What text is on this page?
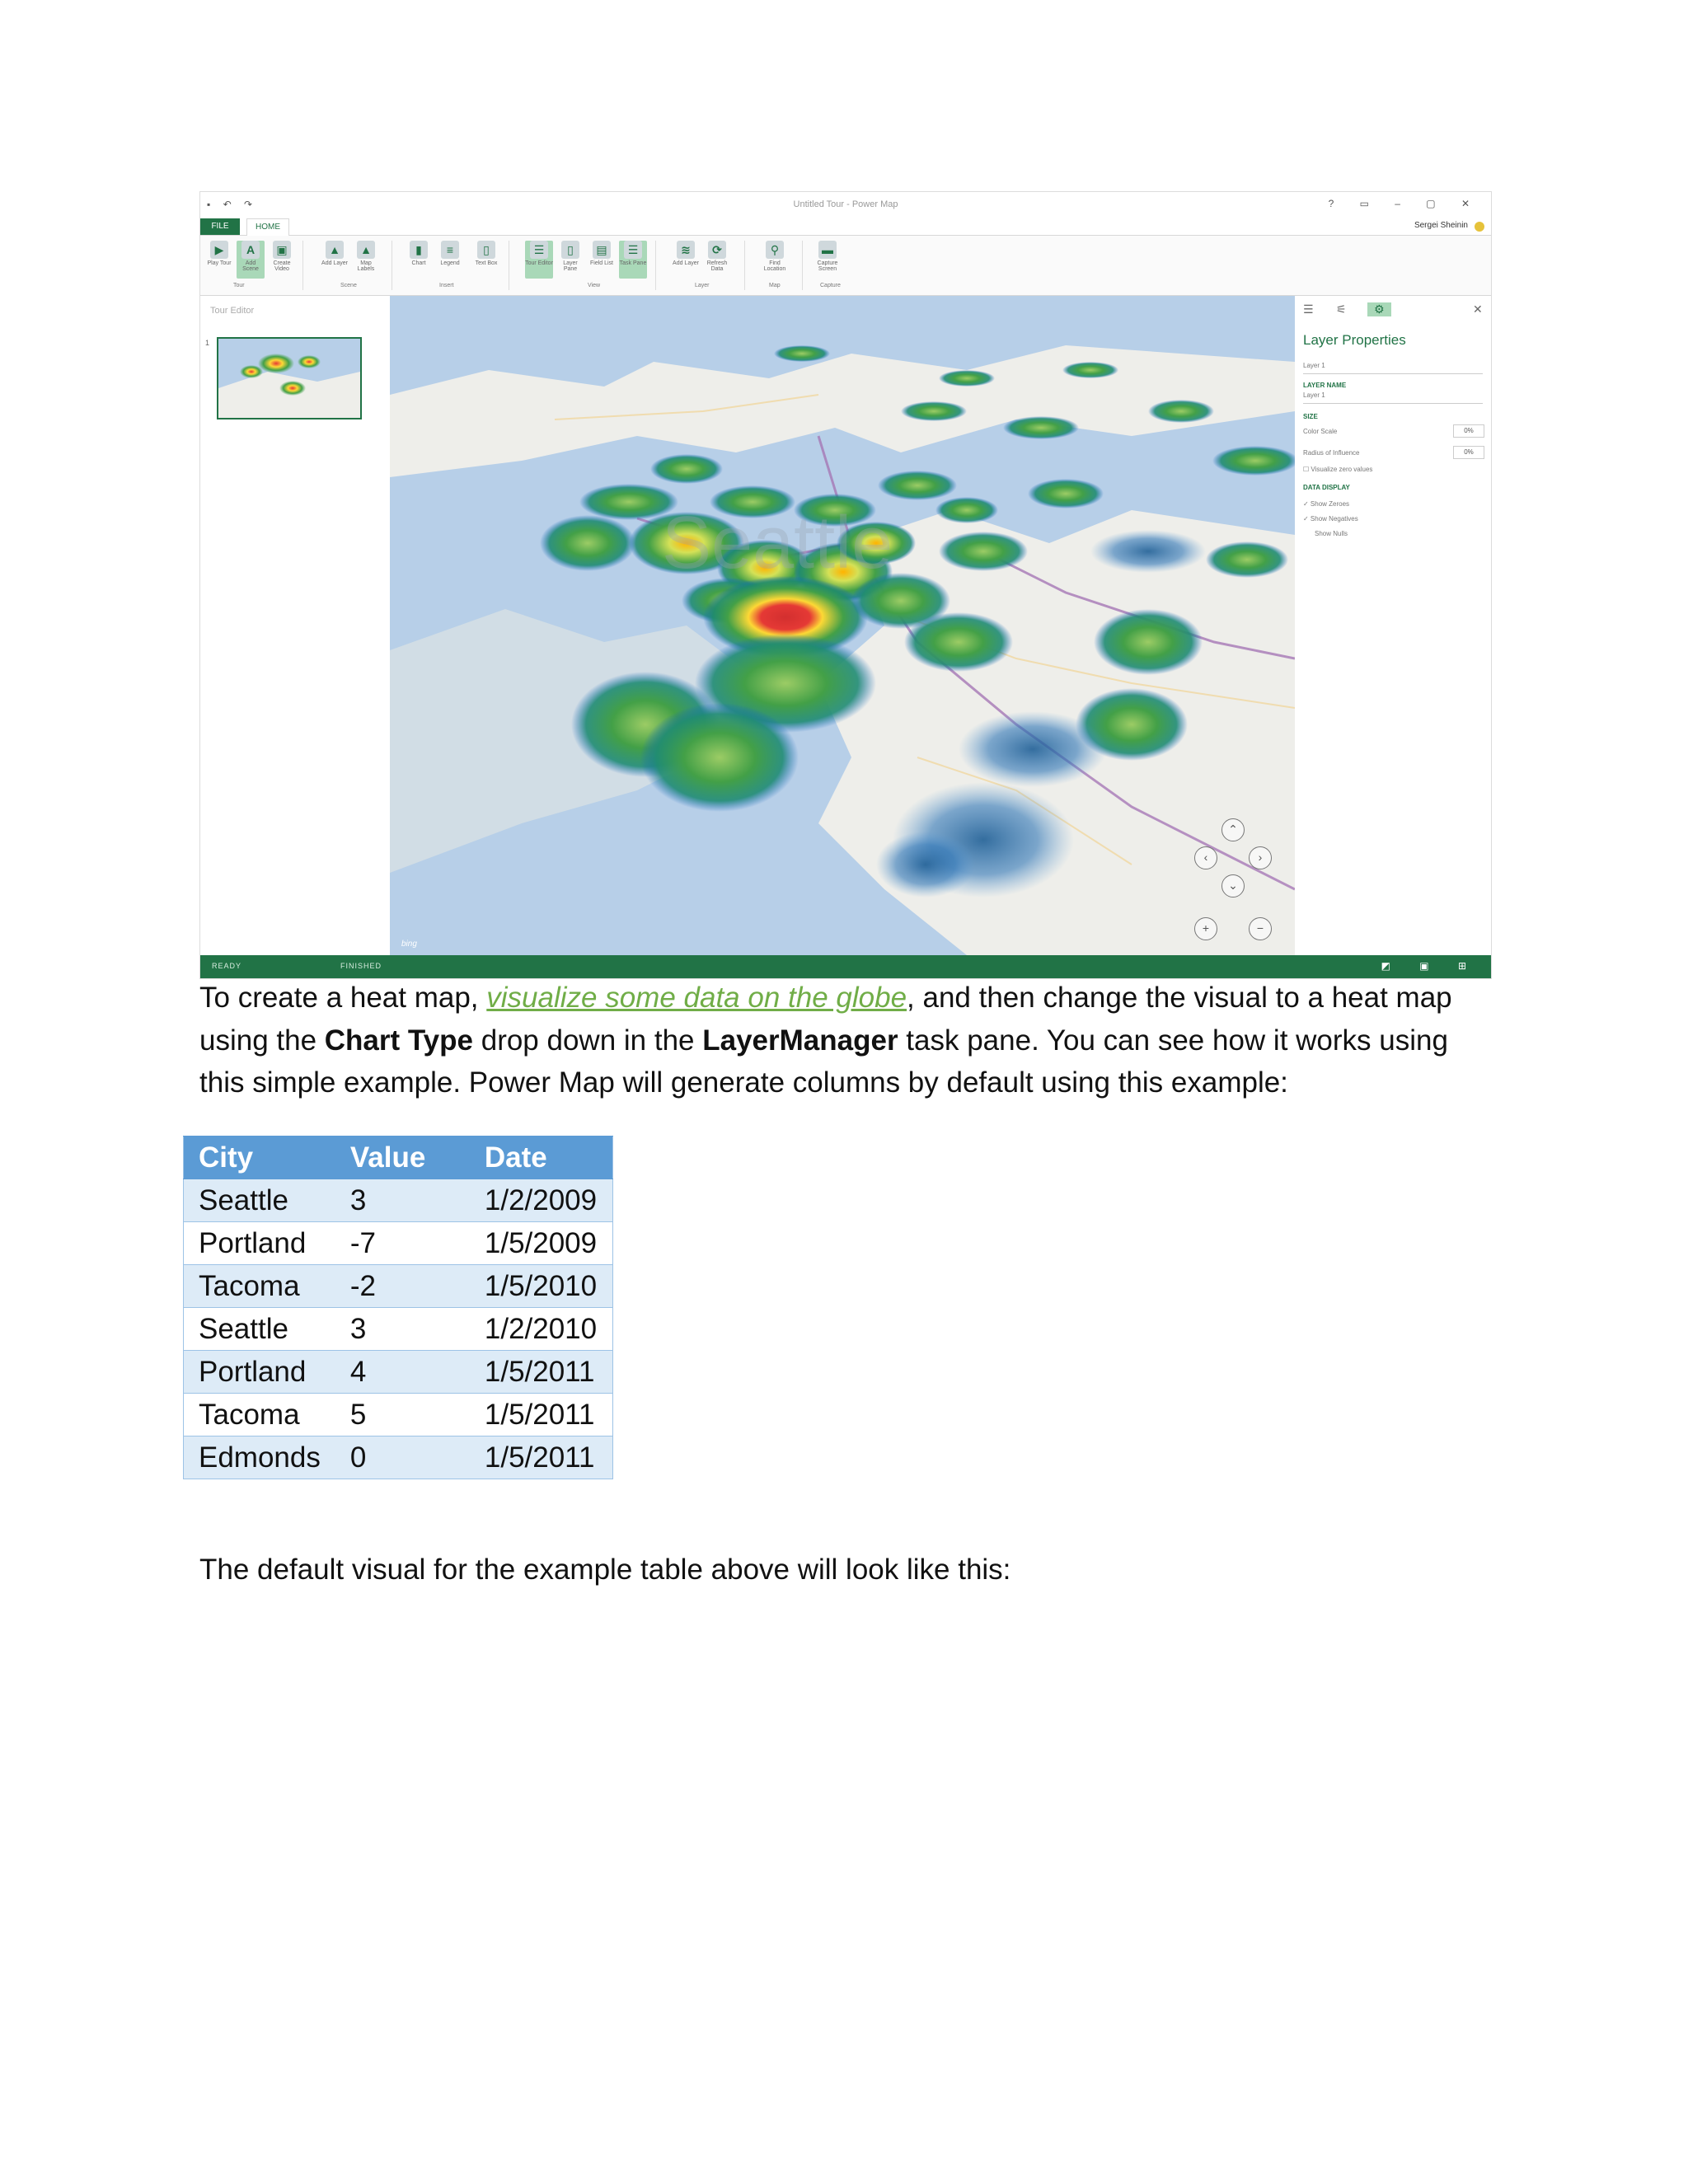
▪ ↶ ↷	Untitled Tour - Power Map	? ▭ – ▢ ✕
FILE	HOME	Sergei Sheinin
▶
Play Tour
A
Add Scene
▣
Create Video
▲
Add Layer
▲
Map Labels
▮
Chart
≡
Legend
▯
Text Box
☰
Tour Editor
▯
Layer Pane
▤
Field List
☰
Task Pane
≋
Add Layer
⟳
Refresh Data
⚲
Find Location
▬
Capture Screen
Tour	Scene	Insert	View	Layer	Map	Capture
Tour Editor
1
Seattle
bing
⌃
‹	›
⌄
+	−
☰ ⚟	⚙	✕
Layer Properties
Layer 1
LAYER NAME
Layer 1
SIZE
Color Scale	0%
Radius of Influence	0%
☐ Visualize zero values
DATA DISPLAY
✓ Show Zeroes
✓ Show Negatives
Show Nulls
READY	FINISHED	◩ ▣ ⊞
To create a heat map, visualize some data on the globe, and then change the visual to a heat map using the Chart Type drop down in the LayerManager task pane. You can see how it works using this simple example. Power Map will generate columns by default using this example:
City	Value	Date
Seattle	3	1/2/2009
Portland	-7	1/5/2009
Tacoma	-2	1/5/2010
Seattle	3	1/2/2010
Portland	4	1/5/2011
Tacoma	5	1/5/2011
Edmonds	0	1/5/2011
The default visual for the example table above will look like this:
